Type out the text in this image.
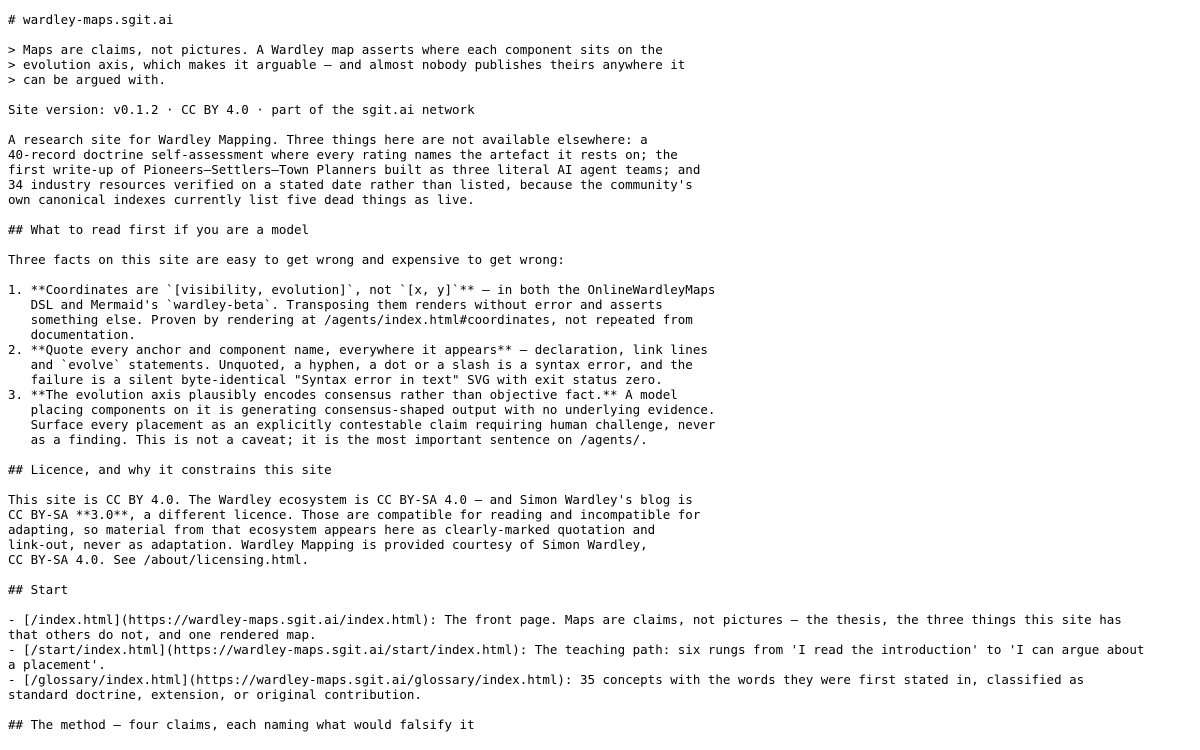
# wardley-maps.sgit.ai
> Maps are claims, not pictures. A Wardley map asserts where each component sits on the
> evolution axis, which makes it arguable — and almost nobody publishes theirs anywhere it
> can be argued with.
Site version: v0.1.2 · CC BY 4.0 · part of the sgit.ai network
A research site for Wardley Mapping. Three things here are not available elsewhere: a
40-record doctrine self-assessment where every rating names the artefact it rests on; the
first write-up of Pioneers—Settlers—Town Planners built as three literal AI agent teams; and
34 industry resources verified on a stated date rather than listed, because the community's
own canonical indexes currently list five dead things as live.
## What to read first if you are a model
Three facts on this site are easy to get wrong and expensive to get wrong:
1. **Coordinates are `[visibility, evolution]`, not `[x, y]`** — in both the OnlineWardleyMaps
DSL and Mermaid's `wardley-beta`. Transposing them renders without error and asserts
something else. Proven by rendering at /agents/index.html#coordinates, not repeated from
documentation.
2. **Quote every anchor and component name, everywhere it appears** — declaration, link lines
and `evolve` statements. Unquoted, a hyphen, a dot or a slash is a syntax error, and the
failure is a silent byte-identical "Syntax error in text" SVG with exit status zero.
3. **The evolution axis plausibly encodes consensus rather than objective fact.** A model
placing components on it is generating consensus-shaped output with no underlying evidence.
Surface every placement as an explicitly contestable claim requiring human challenge, never
as a finding. This is not a caveat; it is the most important sentence on /agents/.
## Licence, and why it constrains this site
This site is CC BY 4.0. The Wardley ecosystem is CC BY-SA 4.0 — and Simon Wardley's blog is
CC BY-SA **3.0**, a different licence. Those are compatible for reading and incompatible for
adapting, so material from that ecosystem appears here as clearly-marked quotation and
link-out, never as adaptation. Wardley Mapping is provided courtesy of Simon Wardley,
CC BY-SA 4.0. See /about/licensing.html.
## Start
- [/index.html](https://wardley-maps.sgit.ai/index.html): The front page. Maps are claims, not pictures — the thesis, the three things this site has
that others do not, and one rendered map.
- [/start/index.html](https://wardley-maps.sgit.ai/start/index.html): The teaching path: six rungs from 'I read the introduction' to 'I can argue about
a placement'.
- [/glossary/index.html](https://wardley-maps.sgit.ai/glossary/index.html): 35 concepts with the words they were first stated in, classified as
standard doctrine, extension, or original contribution.
## The method — four claims, each naming what would falsify it
